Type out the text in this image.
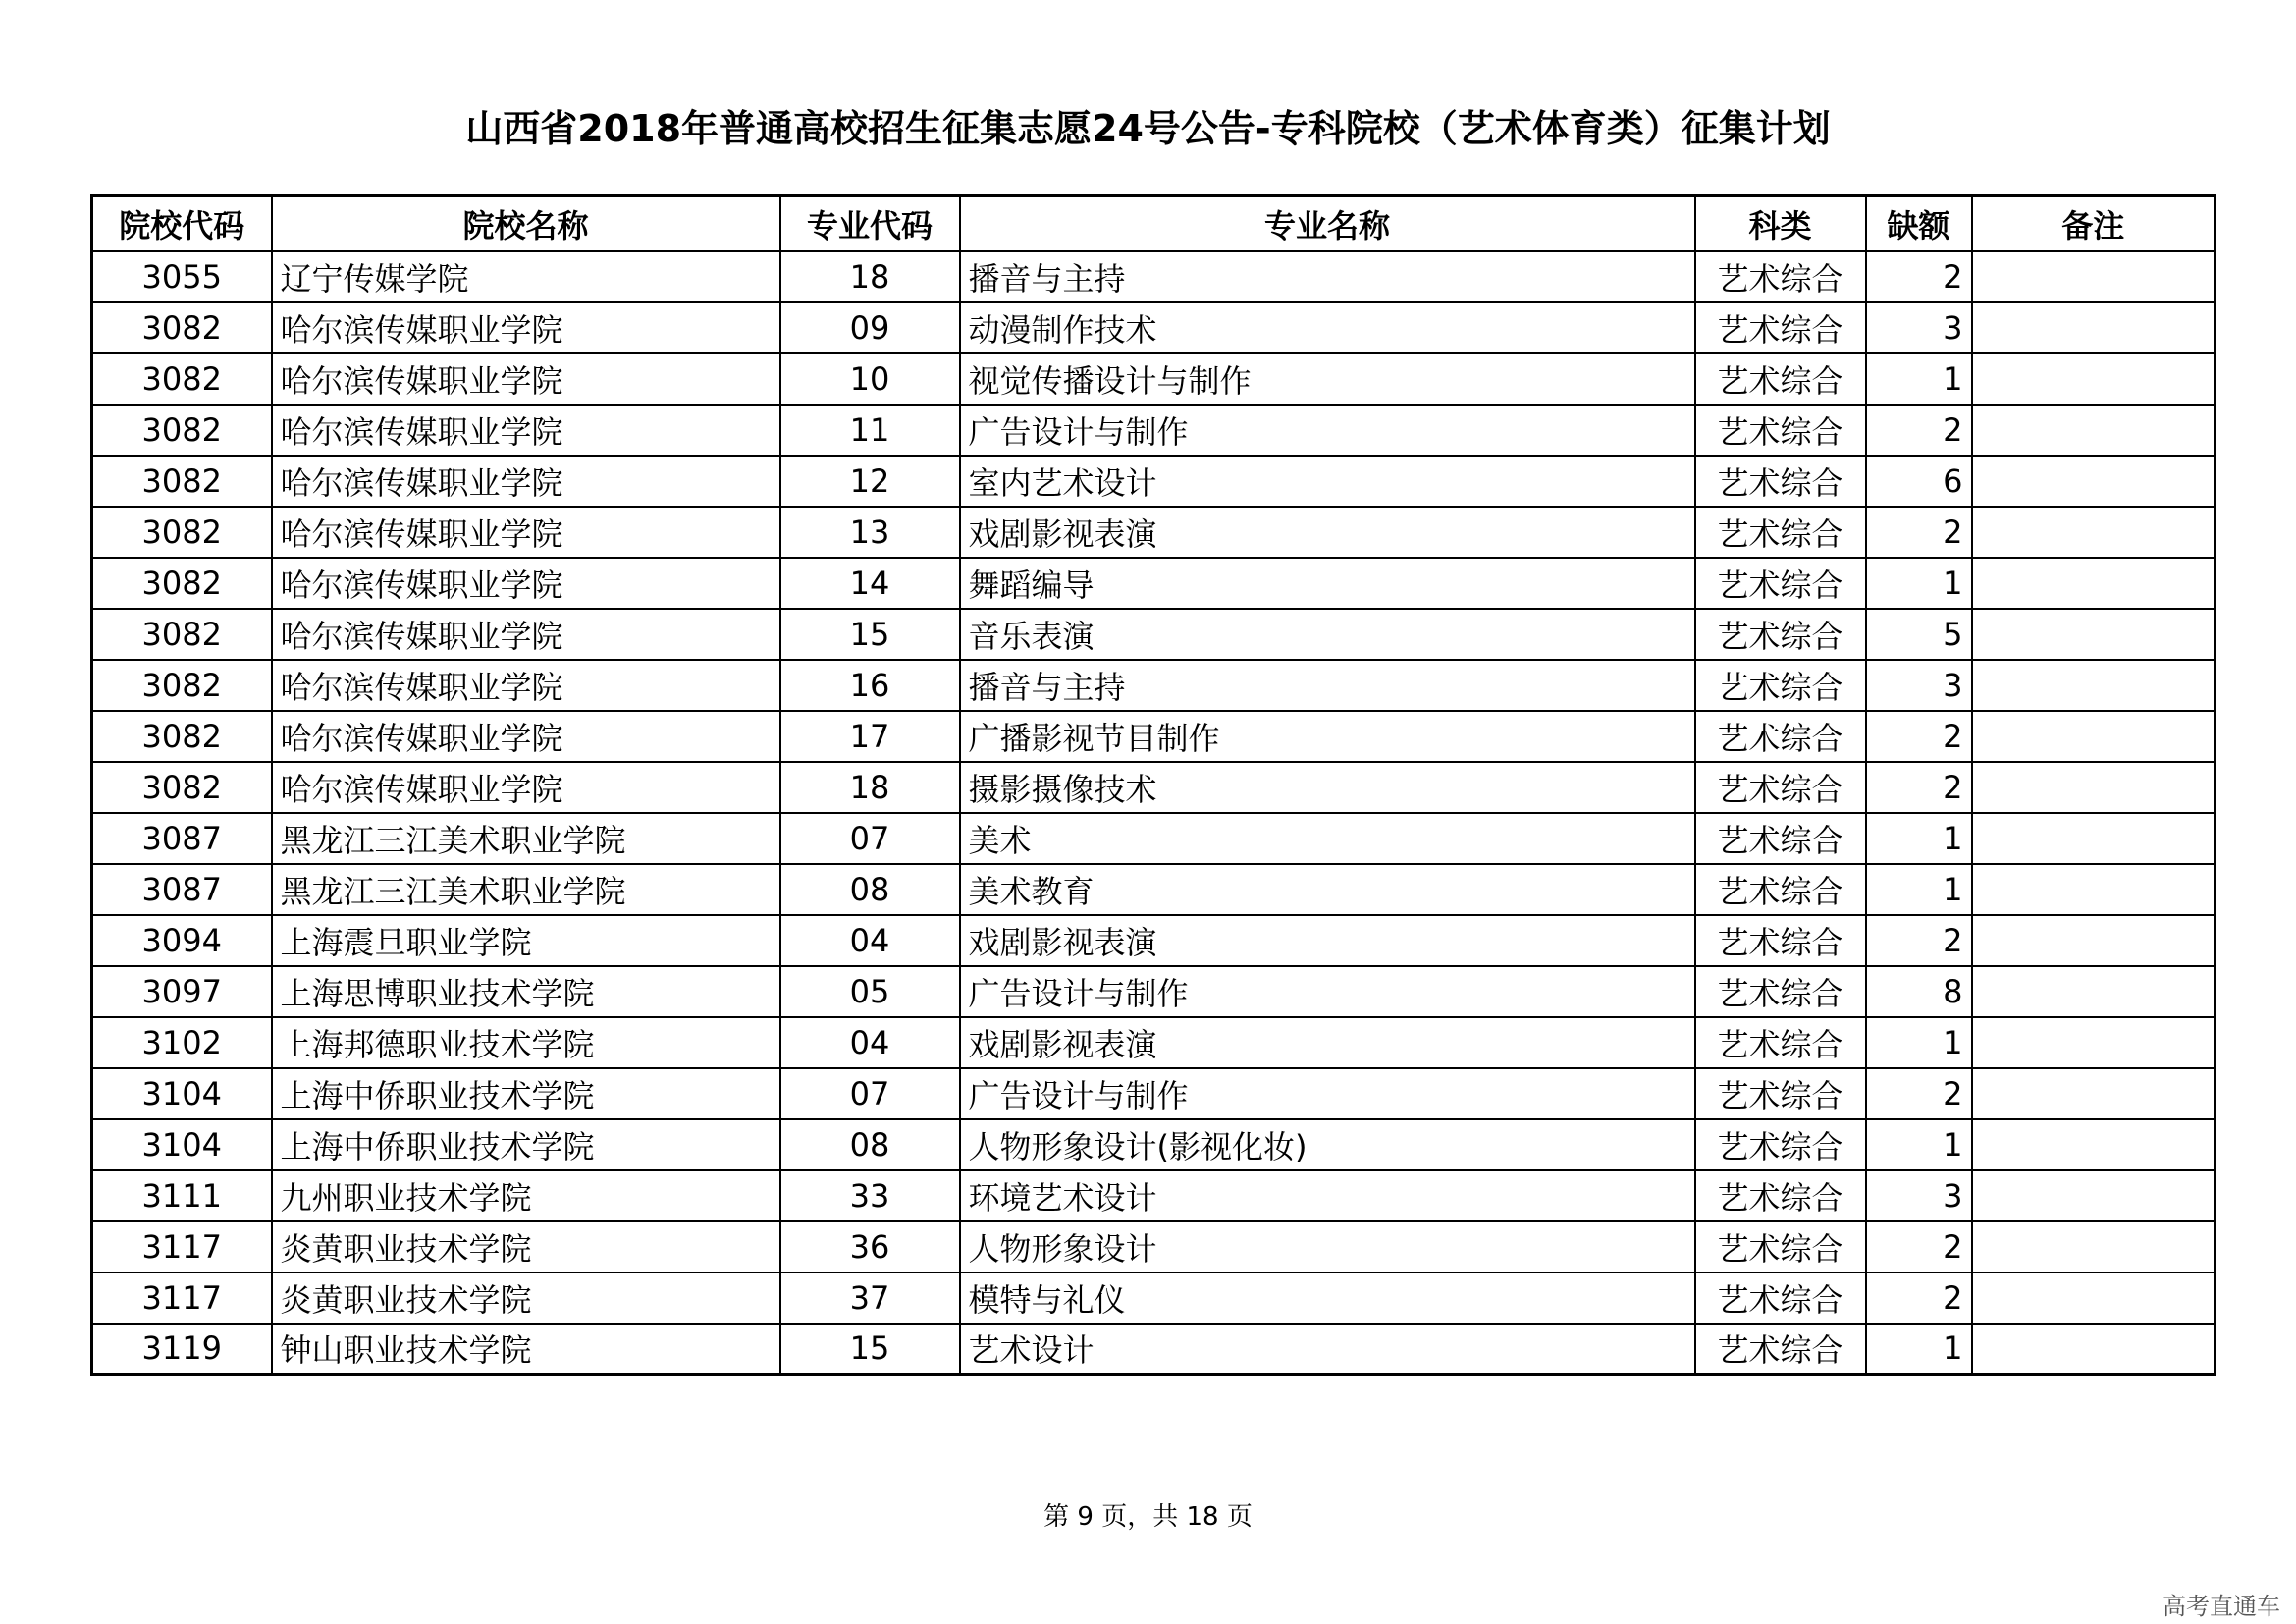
山西省2018年普通高校招生征集志愿24号公告-专科院校（艺术体育类）征集计划
院校代码	院校名称	专业代码	专业名称	科类	缺额	备注
3055	辽宁传媒学院	18	播音与主持	艺术综合	2	
3082	哈尔滨传媒职业学院	09	动漫制作技术	艺术综合	3	
3082	哈尔滨传媒职业学院	10	视觉传播设计与制作	艺术综合	1	
3082	哈尔滨传媒职业学院	11	广告设计与制作	艺术综合	2	
3082	哈尔滨传媒职业学院	12	室内艺术设计	艺术综合	6	
3082	哈尔滨传媒职业学院	13	戏剧影视表演	艺术综合	2	
3082	哈尔滨传媒职业学院	14	舞蹈编导	艺术综合	1	
3082	哈尔滨传媒职业学院	15	音乐表演	艺术综合	5	
3082	哈尔滨传媒职业学院	16	播音与主持	艺术综合	3	
3082	哈尔滨传媒职业学院	17	广播影视节目制作	艺术综合	2	
3082	哈尔滨传媒职业学院	18	摄影摄像技术	艺术综合	2	
3087	黑龙江三江美术职业学院	07	美术	艺术综合	1	
3087	黑龙江三江美术职业学院	08	美术教育	艺术综合	1	
3094	上海震旦职业学院	04	戏剧影视表演	艺术综合	2	
3097	上海思博职业技术学院	05	广告设计与制作	艺术综合	8	
3102	上海邦德职业技术学院	04	戏剧影视表演	艺术综合	1	
3104	上海中侨职业技术学院	07	广告设计与制作	艺术综合	2	
3104	上海中侨职业技术学院	08	人物形象设计(影视化妆)	艺术综合	1	
3111	九州职业技术学院	33	环境艺术设计	艺术综合	3	
3117	炎黄职业技术学院	36	人物形象设计	艺术综合	2	
3117	炎黄职业技术学院	37	模特与礼仪	艺术综合	2	
3119	钟山职业技术学院	15	艺术设计	艺术综合	1	
第 9 页，共 18 页
高考直通车
